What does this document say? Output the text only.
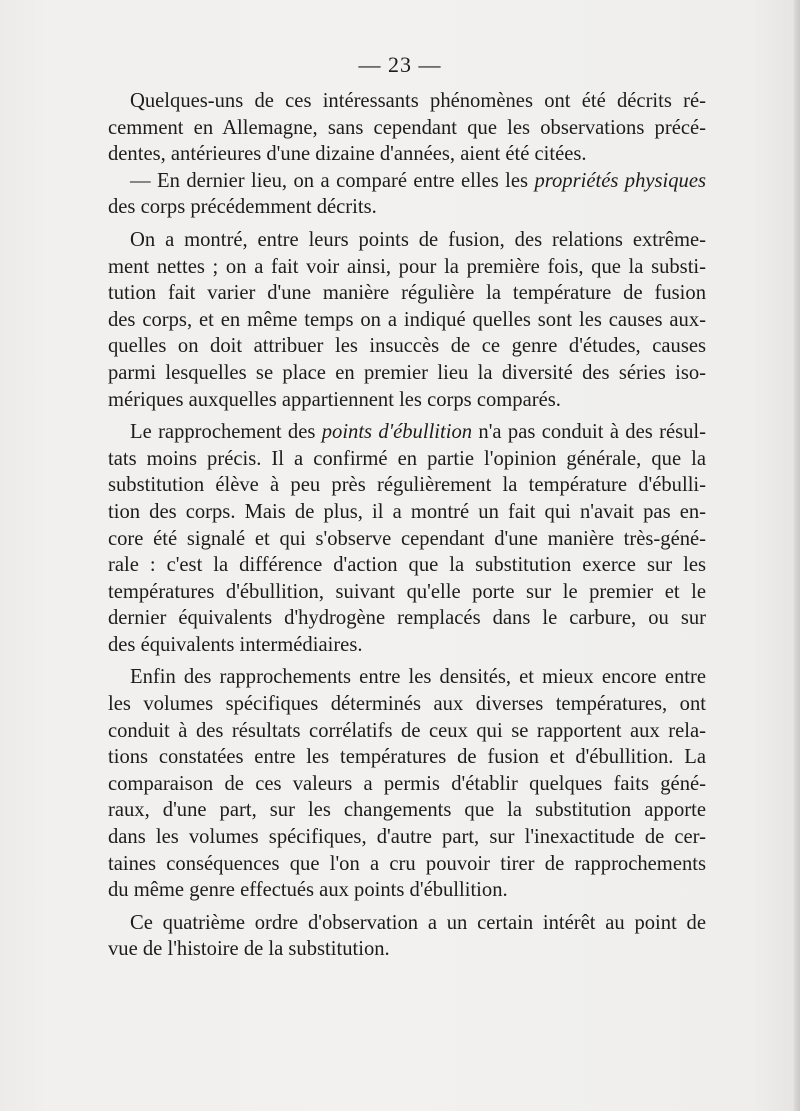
— 23 —
Quelques-uns de ces intéressants phénomènes ont été décrits ré-
cemment en Allemagne, sans cependant que les observations précé-
dentes, antérieures d'une dizaine d'années, aient été citées.
— En dernier lieu, on a comparé entre elles les propriétés physiques
des corps précédemment décrits.
On a montré, entre leurs points de fusion, des relations extrême-
ment nettes ; on a fait voir ainsi, pour la première fois, que la substi-
tution fait varier d'une manière régulière la température de fusion
des corps, et en même temps on a indiqué quelles sont les causes aux-
quelles on doit attribuer les insuccès de ce genre d'études, causes
parmi lesquelles se place en premier lieu la diversité des séries iso-
mériques auxquelles appartiennent les corps comparés.
Le rapprochement des points d'ébullition n'a pas conduit à des résul-
tats moins précis. Il a confirmé en partie l'opinion générale, que la
substitution élève à peu près régulièrement la température d'ébulli-
tion des corps. Mais de plus, il a montré un fait qui n'avait pas en-
core été signalé et qui s'observe cependant d'une manière très-géné-
rale : c'est la différence d'action que la substitution exerce sur les
températures d'ébullition, suivant qu'elle porte sur le premier et le
dernier équivalents d'hydrogène remplacés dans le carbure, ou sur
des équivalents intermédiaires.
Enfin des rapprochements entre les densités, et mieux encore entre
les volumes spécifiques déterminés aux diverses températures, ont
conduit à des résultats corrélatifs de ceux qui se rapportent aux rela-
tions constatées entre les températures de fusion et d'ébullition. La
comparaison de ces valeurs a permis d'établir quelques faits géné-
raux, d'une part, sur les changements que la substitution apporte
dans les volumes spécifiques, d'autre part, sur l'inexactitude de cer-
taines conséquences que l'on a cru pouvoir tirer de rapprochements
du même genre effectués aux points d'ébullition.
Ce quatrième ordre d'observation a un certain intérêt au point de
vue de l'histoire de la substitution.
